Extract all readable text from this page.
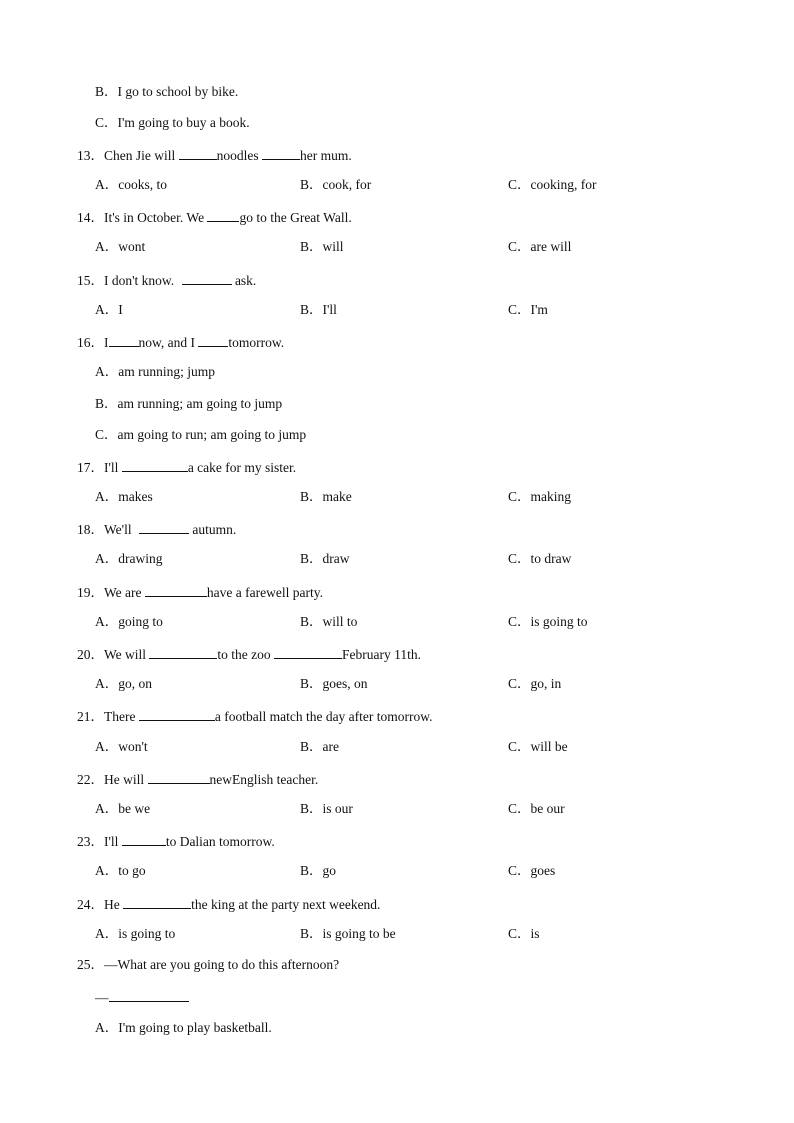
B．I go to school by bike.
C．I'm going to buy a book.
13．Chen Jie will	noodles	her mum.
A．cooks, to	B．cook, for	C．cooking, for
14．It's in October. We go to the Great Wall.
A．wont	B．will	C．are will
15．I don't know.	ask.
A．I	B．I'll	C．I'm
16．I now, and I tomorrow.
A．am running; jump
B．am running; am going to jump
C．am going to run; am going to jump
17．I'll	a cake for my sister.
A．makes	B．make	C．making
18．We'll	autumn.
A．drawing	B．draw	C．to draw
19．We are	have a farewell party.
A．going to	B．will to	C．is going to
20．We will	to the zoo	February 11th.
A．go, on	B．goes, on	C．go, in
21．There	a football match the day after tomorrow.
A．won't	B．are	C．will be
22．He will	newEnglish teacher.
A．be we	B．is our	C．be our
23．I'll	to Dalian tomorrow.
A．to go	B．go	C．goes
24．He	the king at the party next weekend.
A．is going to	B．is going to be	C．is
25．—What are you going to do this afternoon?
—
A．I'm going to play basketball.
